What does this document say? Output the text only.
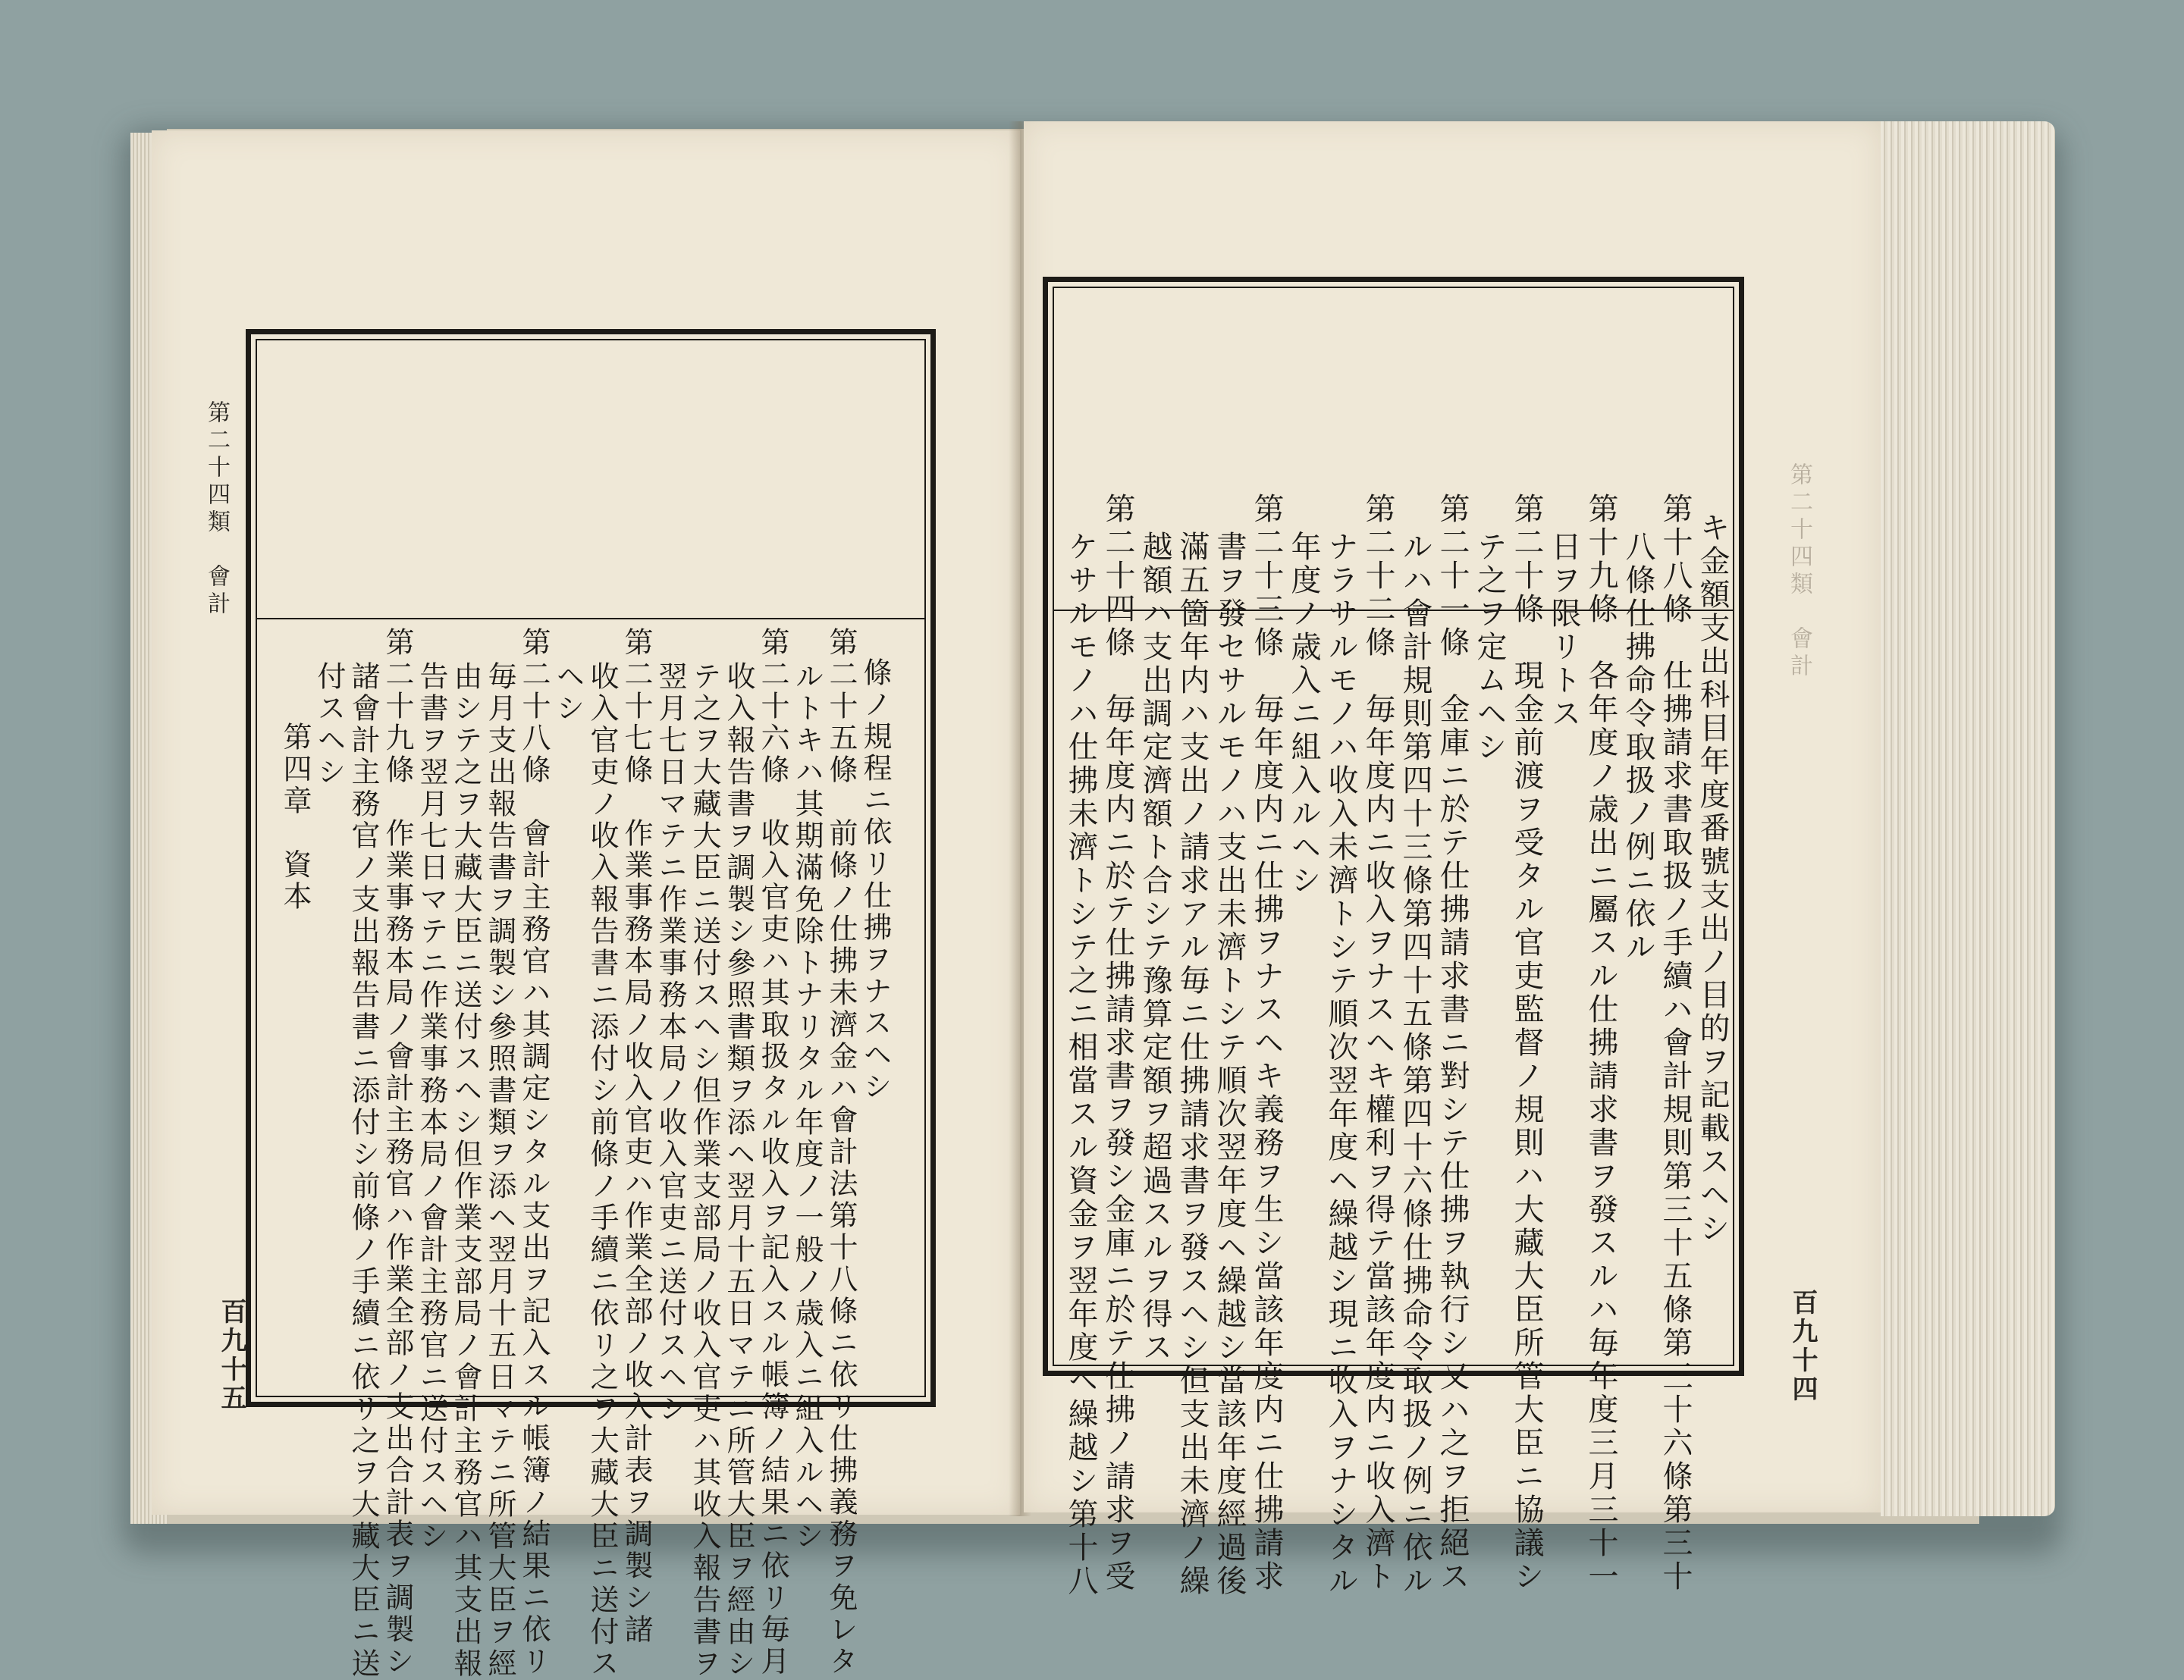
第二十四類　會計
百九十五
條ノ規程ニ依リ仕拂ヲナスヘシ
第二十五條　前條ノ仕拂未濟金ハ會計法第十八條ニ依リ仕拂義務ヲ免レタ
ルトキハ其期滿免除トナリタル年度ノ一般ノ歳入ニ組入ルヘシ
第二十六條　收入官吏ハ其取扱タル收入ヲ記入スル帳簿ノ結果ニ依リ毎月
收入報告書ヲ調製シ參照書類ヲ添ヘ翌月十五日マテニ所管大臣ヲ經由シ
テ之ヲ大藏大臣ニ送付スヘシ但作業支部局ノ收入官吏ハ其收入報告書ヲ
翌月七日マテニ作業事務本局ノ收入官吏ニ送付スヘシ
第二十七條　作業事務本局ノ收入官吏ハ作業全部ノ收入計表ヲ調製シ諸
收入官吏ノ收入報告書ニ添付シ前條ノ手續ニ依リ之ヲ大藏大臣ニ送付ス
ヘシ
第二十八條　會計主務官ハ其調定シタル支出ヲ記入スル帳簿ノ結果ニ依リ
毎月支出報告書ヲ調製シ參照書類ヲ添ヘ翌月十五日マテニ所管大臣ヲ經
由シテ之ヲ大藏大臣ニ送付スヘシ但作業支部局ノ會計主務官ハ其支出報
告書ヲ翌月七日マテニ作業事務本局ノ會計主務官ニ送付スヘシ
第二十九條　作業事務本局ノ會計主務官ハ作業全部ノ支出合計表ヲ調製シ
諸會計主務官ノ支出報告書ニ添付シ前條ノ手續ニ依リ之ヲ大藏大臣ニ送
付スヘシ
第四章　資本
第二十四類　會計
百九十四
キ金額支出科目年度番號支出ノ目的ヲ記載スヘシ
第十八條　仕拂請求書取扱ノ手續ハ會計規則第三十五條第三十六條第三十
八條仕拂命令取扱ノ例ニ依ル
第十九條　各年度ノ歳出ニ屬スル仕拂請求書ヲ發スルハ毎年度三月三十一
日ヲ限リトス
第二十條　現金前渡ヲ受タル官吏監督ノ規則ハ大藏大臣所管大臣ニ協議シ
テ之ヲ定ムヘシ
第二十一條　金庫ニ於テ仕拂請求書ニ對シテ仕拂ヲ執行シ又ハ之ヲ拒絕ス
ルハ會計規則第四十三條第四十五條第四十六條仕拂命令取扱ノ例ニ依ル
第二十二條　毎年度内ニ收入ヲナスヘキ權利ヲ得テ當該年度内ニ收入濟ト
ナラサルモノハ收入未濟トシテ順次翌年度ヘ繰越シ現ニ收入ヲナシタル
年度ノ歳入ニ組入ルヘシ
第二十三條　毎年度内ニ仕拂ヲナスヘキ義務ヲ生シ當該年度内ニ仕拂請求
書ヲ發セサルモノハ支出未濟トシテ順次翌年度ヘ繰越シ當該年度經過後
滿五箇年内ハ支出ノ請求アル毎ニ仕拂請求書ヲ發スヘシ但支出未濟ノ繰
越額ハ支出調定濟額ト合シテ豫算定額ヲ超過スルヲ得ス
ケサルモノハ仕拂未濟トシテ之ニ相當スル資金ヲ翌年度ヘ繰越シ第十八 第二十四條　毎年度内ニ於テ仕拂請求書ヲ發シ金庫ニ於テ仕拂ノ請求ヲ受
